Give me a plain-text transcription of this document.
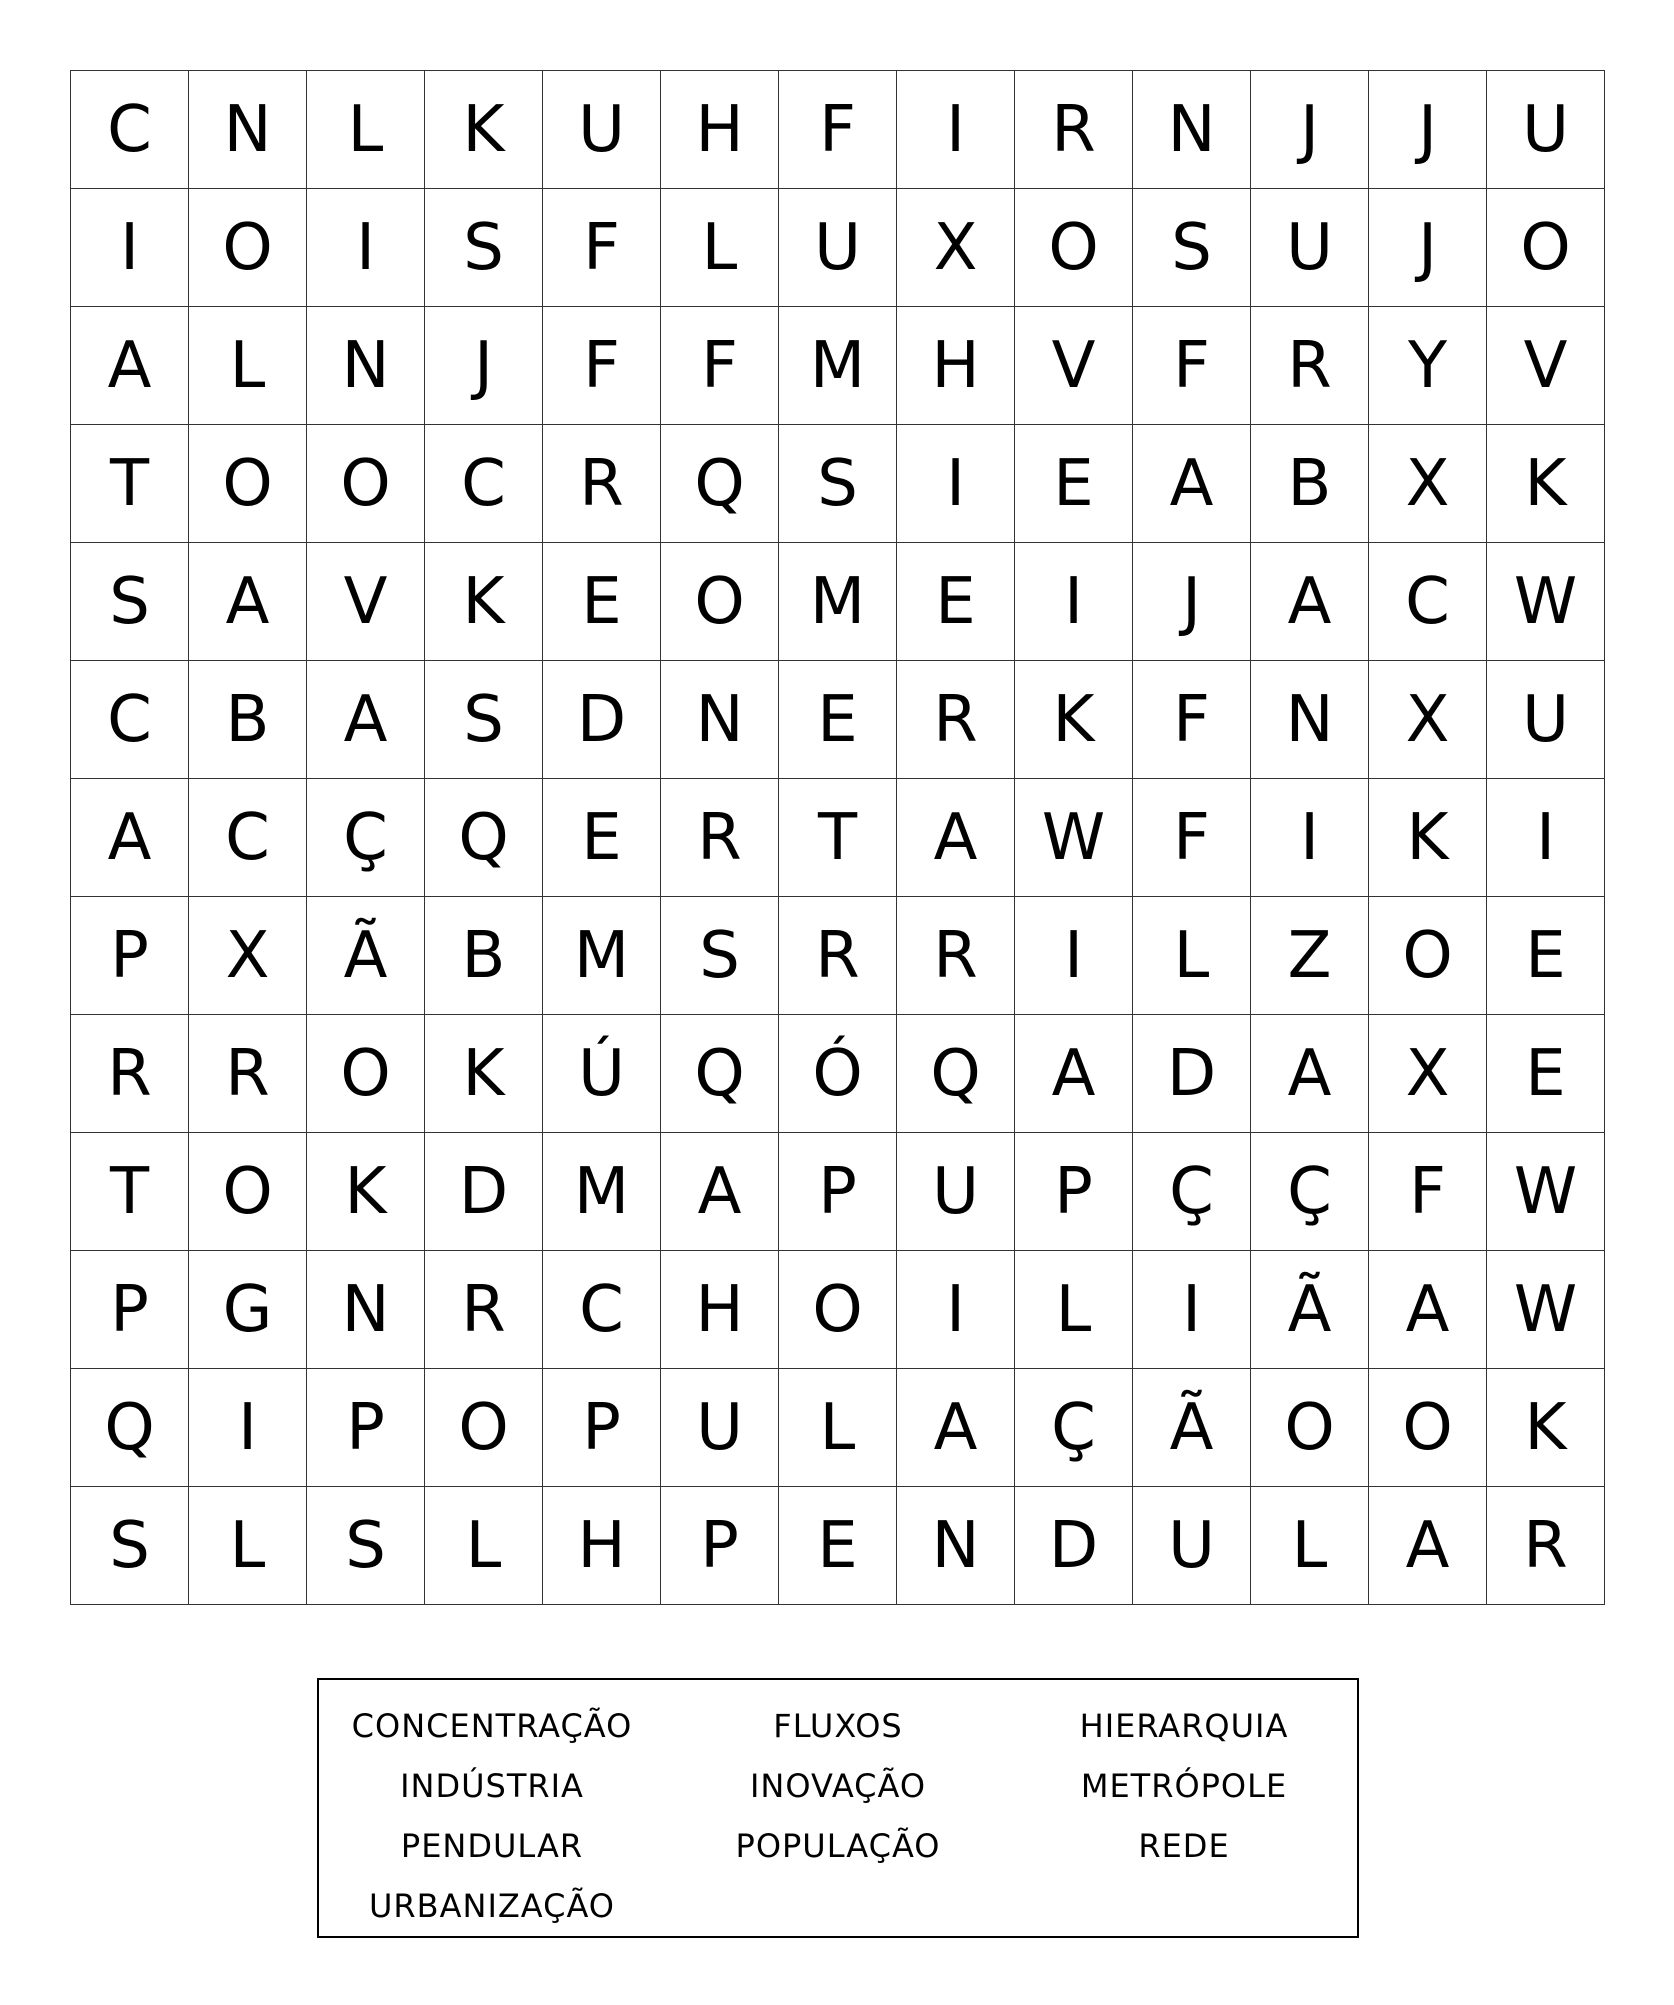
C	N	L	K	U	H	F	I	R	N	J	J	U
I	O	I	S	F	L	U	X	O	S	U	J	O
A	L	N	J	F	F	M	H	V	F	R	Y	V
T	O	O	C	R	Q	S	I	E	A	B	X	K
S	A	V	K	E	O	M	E	I	J	A	C	W
C	B	A	S	D	N	E	R	K	F	N	X	U
A	C	Ç	Q	E	R	T	A	W	F	I	K	I
P	X	Ã	B	M	S	R	R	I	L	Z	O	E
R	R	O	K	Ú	Q	Ó	Q	A	D	A	X	E
T	O	K	D	M	A	P	U	P	Ç	Ç	F	W
P	G	N	R	C	H	O	I	L	I	Ã	A	W
Q	I	P	O	P	U	L	A	Ç	Ã	O	O	K
S	L	S	L	H	P	E	N	D	U	L	A	R
CONCENTRAÇÃO
INDÚSTRIA
PENDULAR
URBANIZAÇÃO
FLUXOS
INOVAÇÃO
POPULAÇÃO
HIERARQUIA
METRÓPOLE
REDE
